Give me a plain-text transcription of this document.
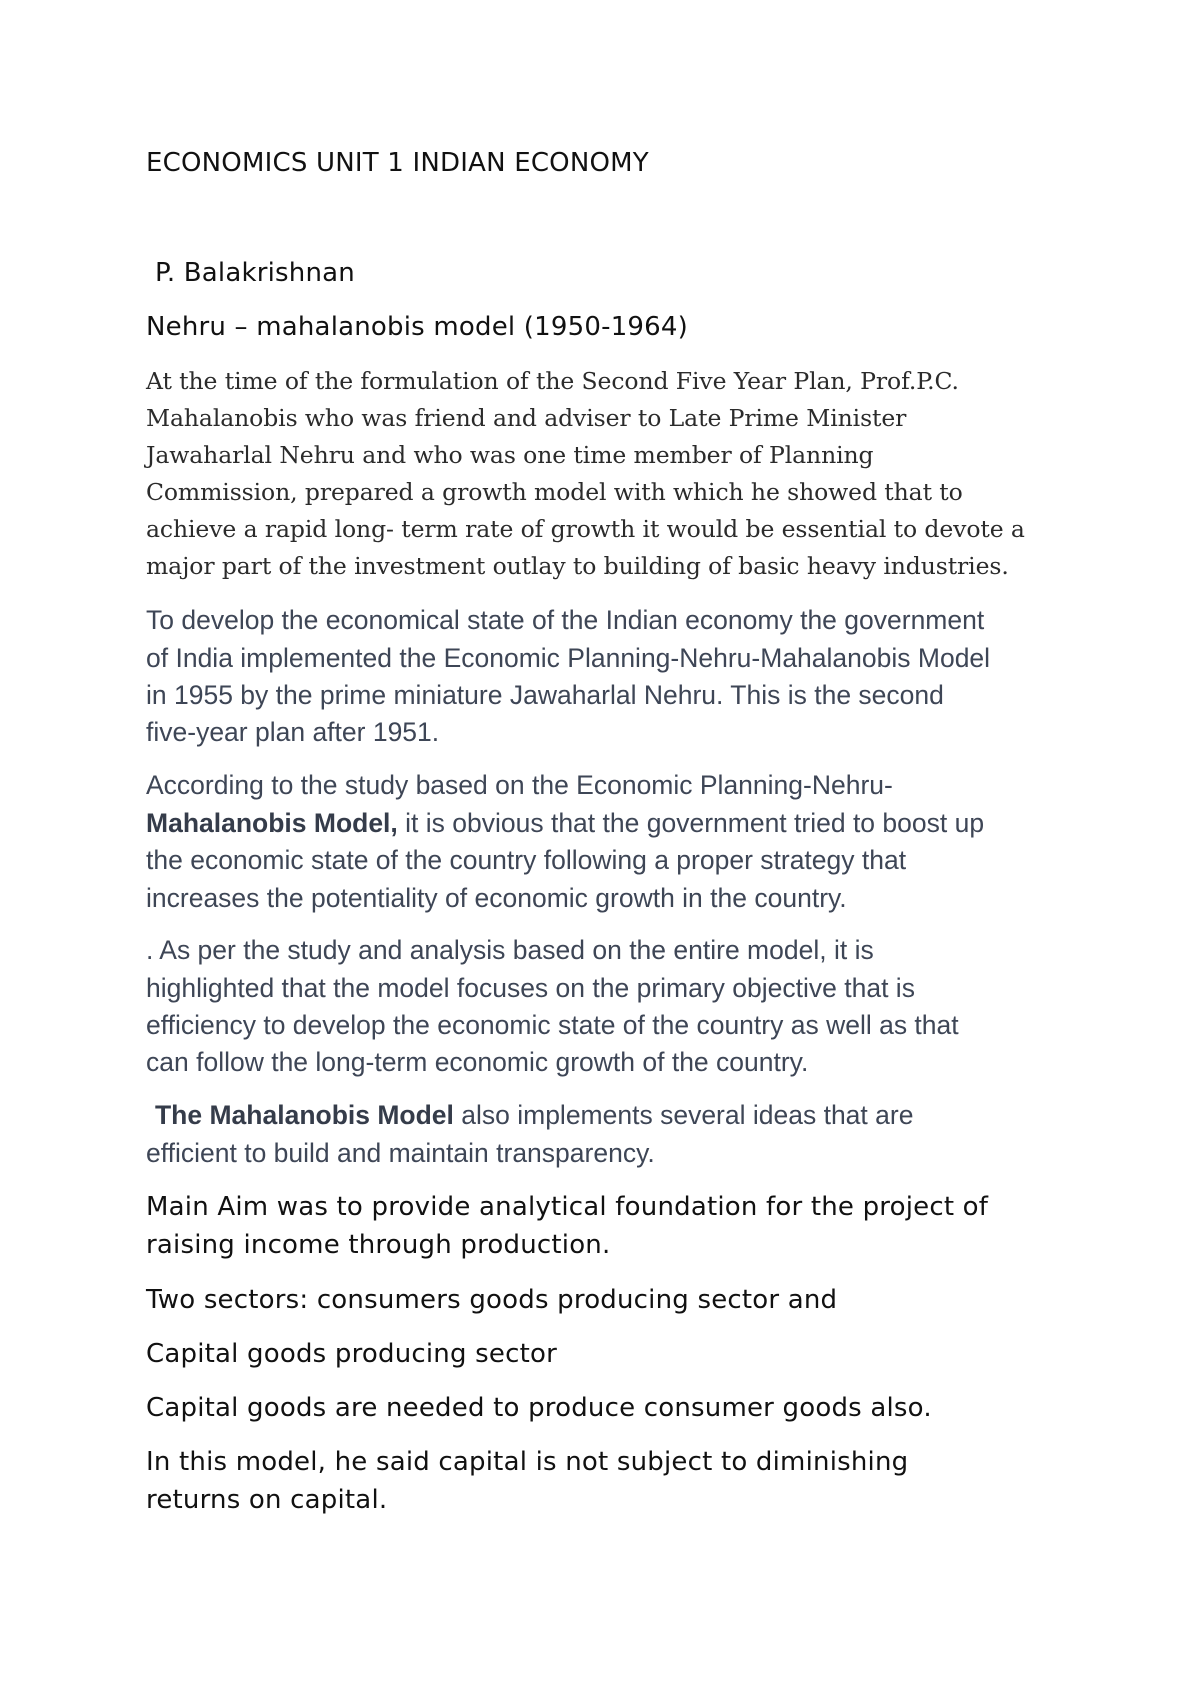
ECONOMICS UNIT 1 INDIAN ECONOMY

P. Balakrishnan

Nehru – mahalanobis model (1950-1964)

At the time of the formulation of the Second Five Year Plan, Prof.P.C.

Mahalanobis who was friend and adviser to Late Prime Minister

Jawaharlal Nehru and who was one time member of Planning

Commission, prepared a growth model with which he showed that to

achieve a rapid long- term rate of growth it would be essential to devote a

major part of the investment outlay to building of basic heavy industries.

To develop the economical state of the Indian economy the government

of India implemented the Economic Planning-Nehru-Mahalanobis Model

in 1955 by the prime miniature Jawaharlal Nehru. This is the second

five-year plan after 1951.

According to the study based on the Economic Planning-Nehru-

Mahalanobis Model, it is obvious that the government tried to boost up

the economic state of the country following a proper strategy that

increases the potentiality of economic growth in the country.

. As per the study and analysis based on the entire model, it is

highlighted that the model focuses on the primary objective that is

efficiency to develop the economic state of the country as well as that

can follow the long-term economic growth of the country.

The Mahalanobis Model also implements several ideas that are

efficient to build and maintain transparency.

Main Aim was to provide analytical foundation for the project of

raising income through production.

Two sectors: consumers goods producing sector and

Capital goods producing sector

Capital goods are needed to produce consumer goods also.

In this model, he said capital is not subject to diminishing

returns on capital.
